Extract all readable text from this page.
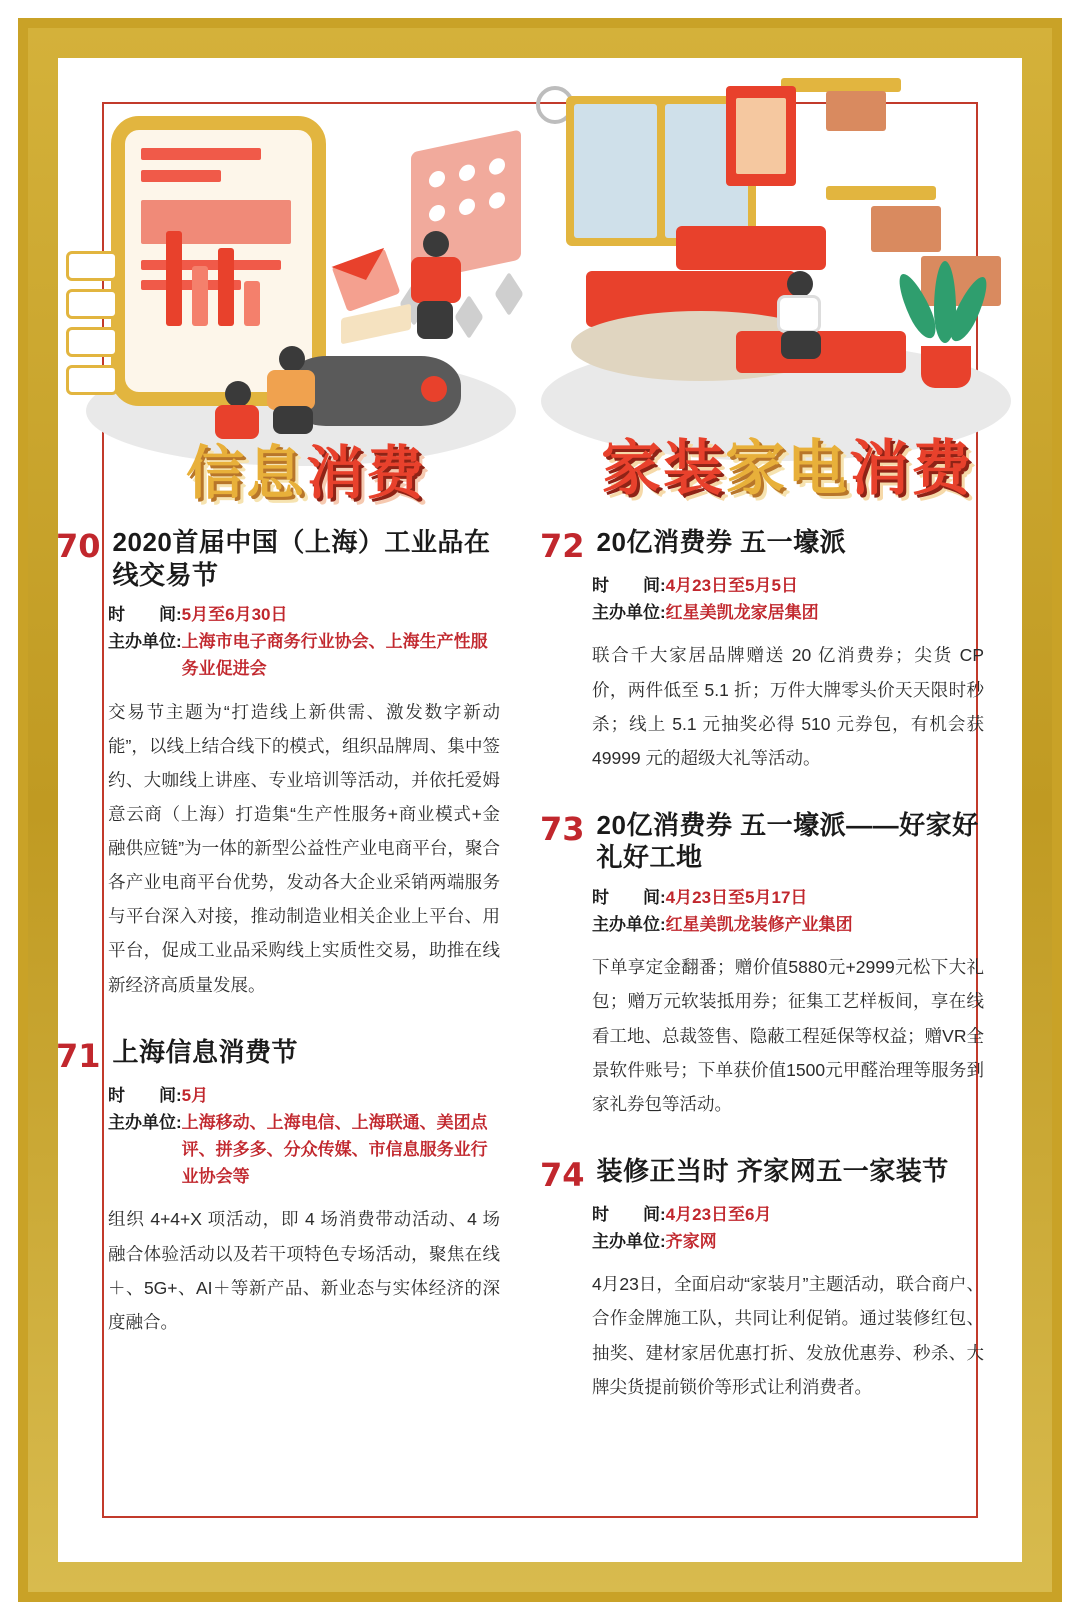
信息消费	家装家电消费
70 2020首届中国（上海）工业品在线交易节
时　　间: 5月至6月30日
主办单位: 上海市电子商务行业协会、上海生产性服务业促进会
交易节主题为“打造线上新供需、激发数字新动能”，以线上结合线下的模式，组织品牌周、集中签约、大咖线上讲座、专业培训等活动，并依托爱姆意云商（上海）打造集“生产性服务+商业模式+金融供应链”为一体的新型公益性产业电商平台，聚合各产业电商平台优势，发动各大企业采销两端服务与平台深入对接，推动制造业相关企业上平台、用平台，促成工业品采购线上实质性交易，助推在线新经济高质量发展。
71 上海信息消费节
时　　间: 5月
主办单位: 上海移动、上海电信、上海联通、美团点评、拼多多、分众传媒、市信息服务业行业协会等
组织 4+4+X 项活动，即 4 场消费带动活动、4 场融合体验活动以及若干项特色专场活动，聚焦在线＋、5G+、AI＋等新产品、新业态与实体经济的深度融合。
72 20亿消费券 五一壕派
时　　间: 4月23日至5月5日
主办单位: 红星美凯龙家居集团
联合千大家居品牌赠送 20 亿消费券；尖货 CP 价，两件低至 5.1 折；万件大牌零头价天天限时秒杀；线上 5.1 元抽奖必得 510 元券包，有机会获 49999 元的超级大礼等活动。
73 20亿消费券 五一壕派——好家好礼好工地
时　　间: 4月23日至5月17日
主办单位: 红星美凯龙装修产业集团
下单享定金翻番；赠价值5880元+2999元松下大礼包；赠万元软装抵用券；征集工艺样板间，享在线看工地、总裁签售、隐蔽工程延保等权益；赠VR全景软件账号；下单获价值1500元甲醛治理等服务到家礼券包等活动。
74 装修正当时 齐家网五一家装节
时　　间: 4月23日至6月
主办单位: 齐家网
4月23日，全面启动“家装月”主题活动，联合商户、合作金牌施工队，共同让利促销。通过装修红包、抽奖、建材家居优惠打折、发放优惠券、秒杀、大牌尖货提前锁价等形式让利消费者。
